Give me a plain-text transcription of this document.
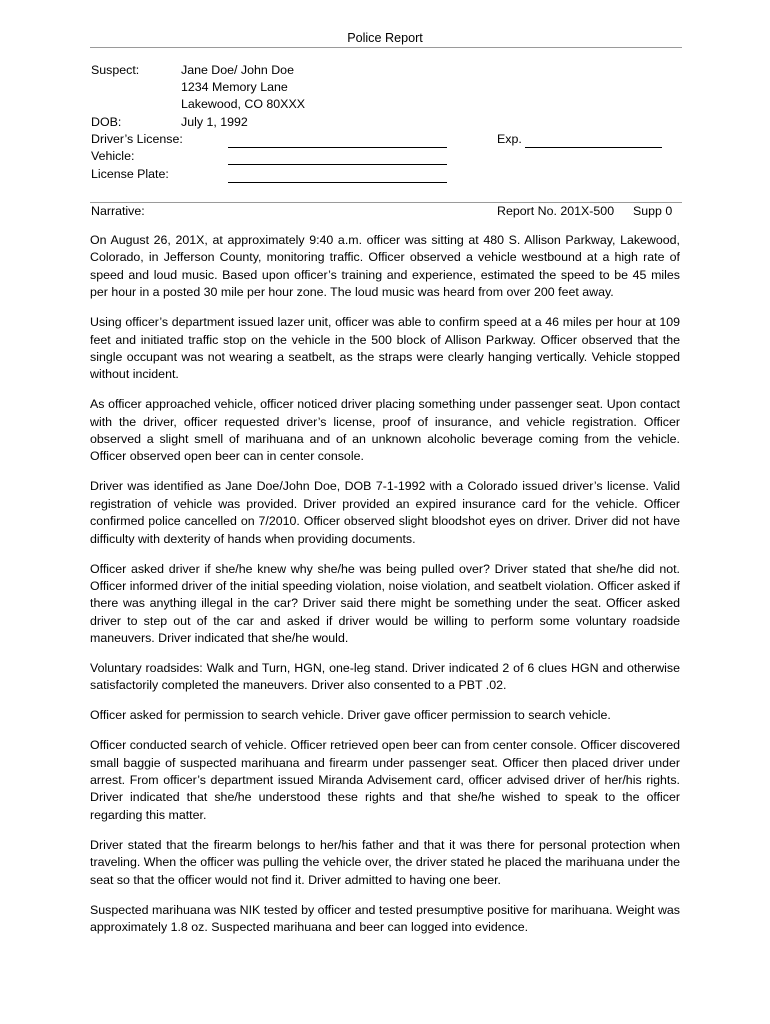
Police Report
Suspect:	Jane Doe/ John Doe
1234 Memory Lane
Lakewood, CO 80XXX
DOB:	July 1, 1992
Driver’s License:	Exp.
Vehicle:
License Plate:
Narrative:	Report No. 201X-500 Supp 0

On August 26, 201X, at approximately 9:40 a.m. officer was sitting at 480 S. Allison Parkway, Lakewood, Colorado, in Jefferson County, monitoring traffic. Officer observed a vehicle westbound at a high rate of speed and loud music. Based upon officer’s training and experience, estimated the speed to be 45 miles per hour in a posted 30 mile per hour zone. The loud music was heard from over 200 feet away.

Using officer’s department issued lazer unit, officer was able to confirm speed at a 46 miles per hour at 109 feet and initiated traffic stop on the vehicle in the 500 block of Allison Parkway. Officer observed that the single occupant was not wearing a seatbelt, as the straps were clearly hanging vertically. Vehicle stopped without incident.

As officer approached vehicle, officer noticed driver placing something under passenger seat. Upon contact with the driver, officer requested driver’s license, proof of insurance, and vehicle registration. Officer observed a slight smell of marihuana and of an unknown alcoholic beverage coming from the vehicle. Officer observed open beer can in center console.

Driver was identified as Jane Doe/John Doe, DOB 7-1-1992 with a Colorado issued driver’s license. Valid registration of vehicle was provided. Driver provided an expired insurance card for the vehicle. Officer confirmed police cancelled on 7/2010. Officer observed slight bloodshot eyes on driver. Driver did not have difficulty with dexterity of hands when providing documents.

Officer asked driver if she/he knew why she/he was being pulled over? Driver stated that she/he did not. Officer informed driver of the initial speeding violation, noise violation, and seatbelt violation. Officer asked if there was anything illegal in the car? Driver said there might be something under the seat. Officer asked driver to step out of the car and asked if driver would be willing to perform some voluntary roadside maneuvers. Driver indicated that she/he would.

Voluntary roadsides: Walk and Turn, HGN, one-leg stand. Driver indicated 2 of 6 clues HGN and otherwise satisfactorily completed the maneuvers. Driver also consented to a PBT .02.

Officer asked for permission to search vehicle. Driver gave officer permission to search vehicle.

Officer conducted search of vehicle. Officer retrieved open beer can from center console. Officer discovered small baggie of suspected marihuana and firearm under passenger seat. Officer then placed driver under arrest. From officer’s department issued Miranda Advisement card, officer advised driver of her/his rights. Driver indicated that she/he understood these rights and that she/he wished to speak to the officer regarding this matter.

Driver stated that the firearm belongs to her/his father and that it was there for personal protection when traveling. When the officer was pulling the vehicle over, the driver stated he placed the marihuana under the seat so that the officer would not find it. Driver admitted to having one beer.

Suspected marihuana was NIK tested by officer and tested presumptive positive for marihuana. Weight was approximately 1.8 oz. Suspected marihuana and beer can logged into evidence.
